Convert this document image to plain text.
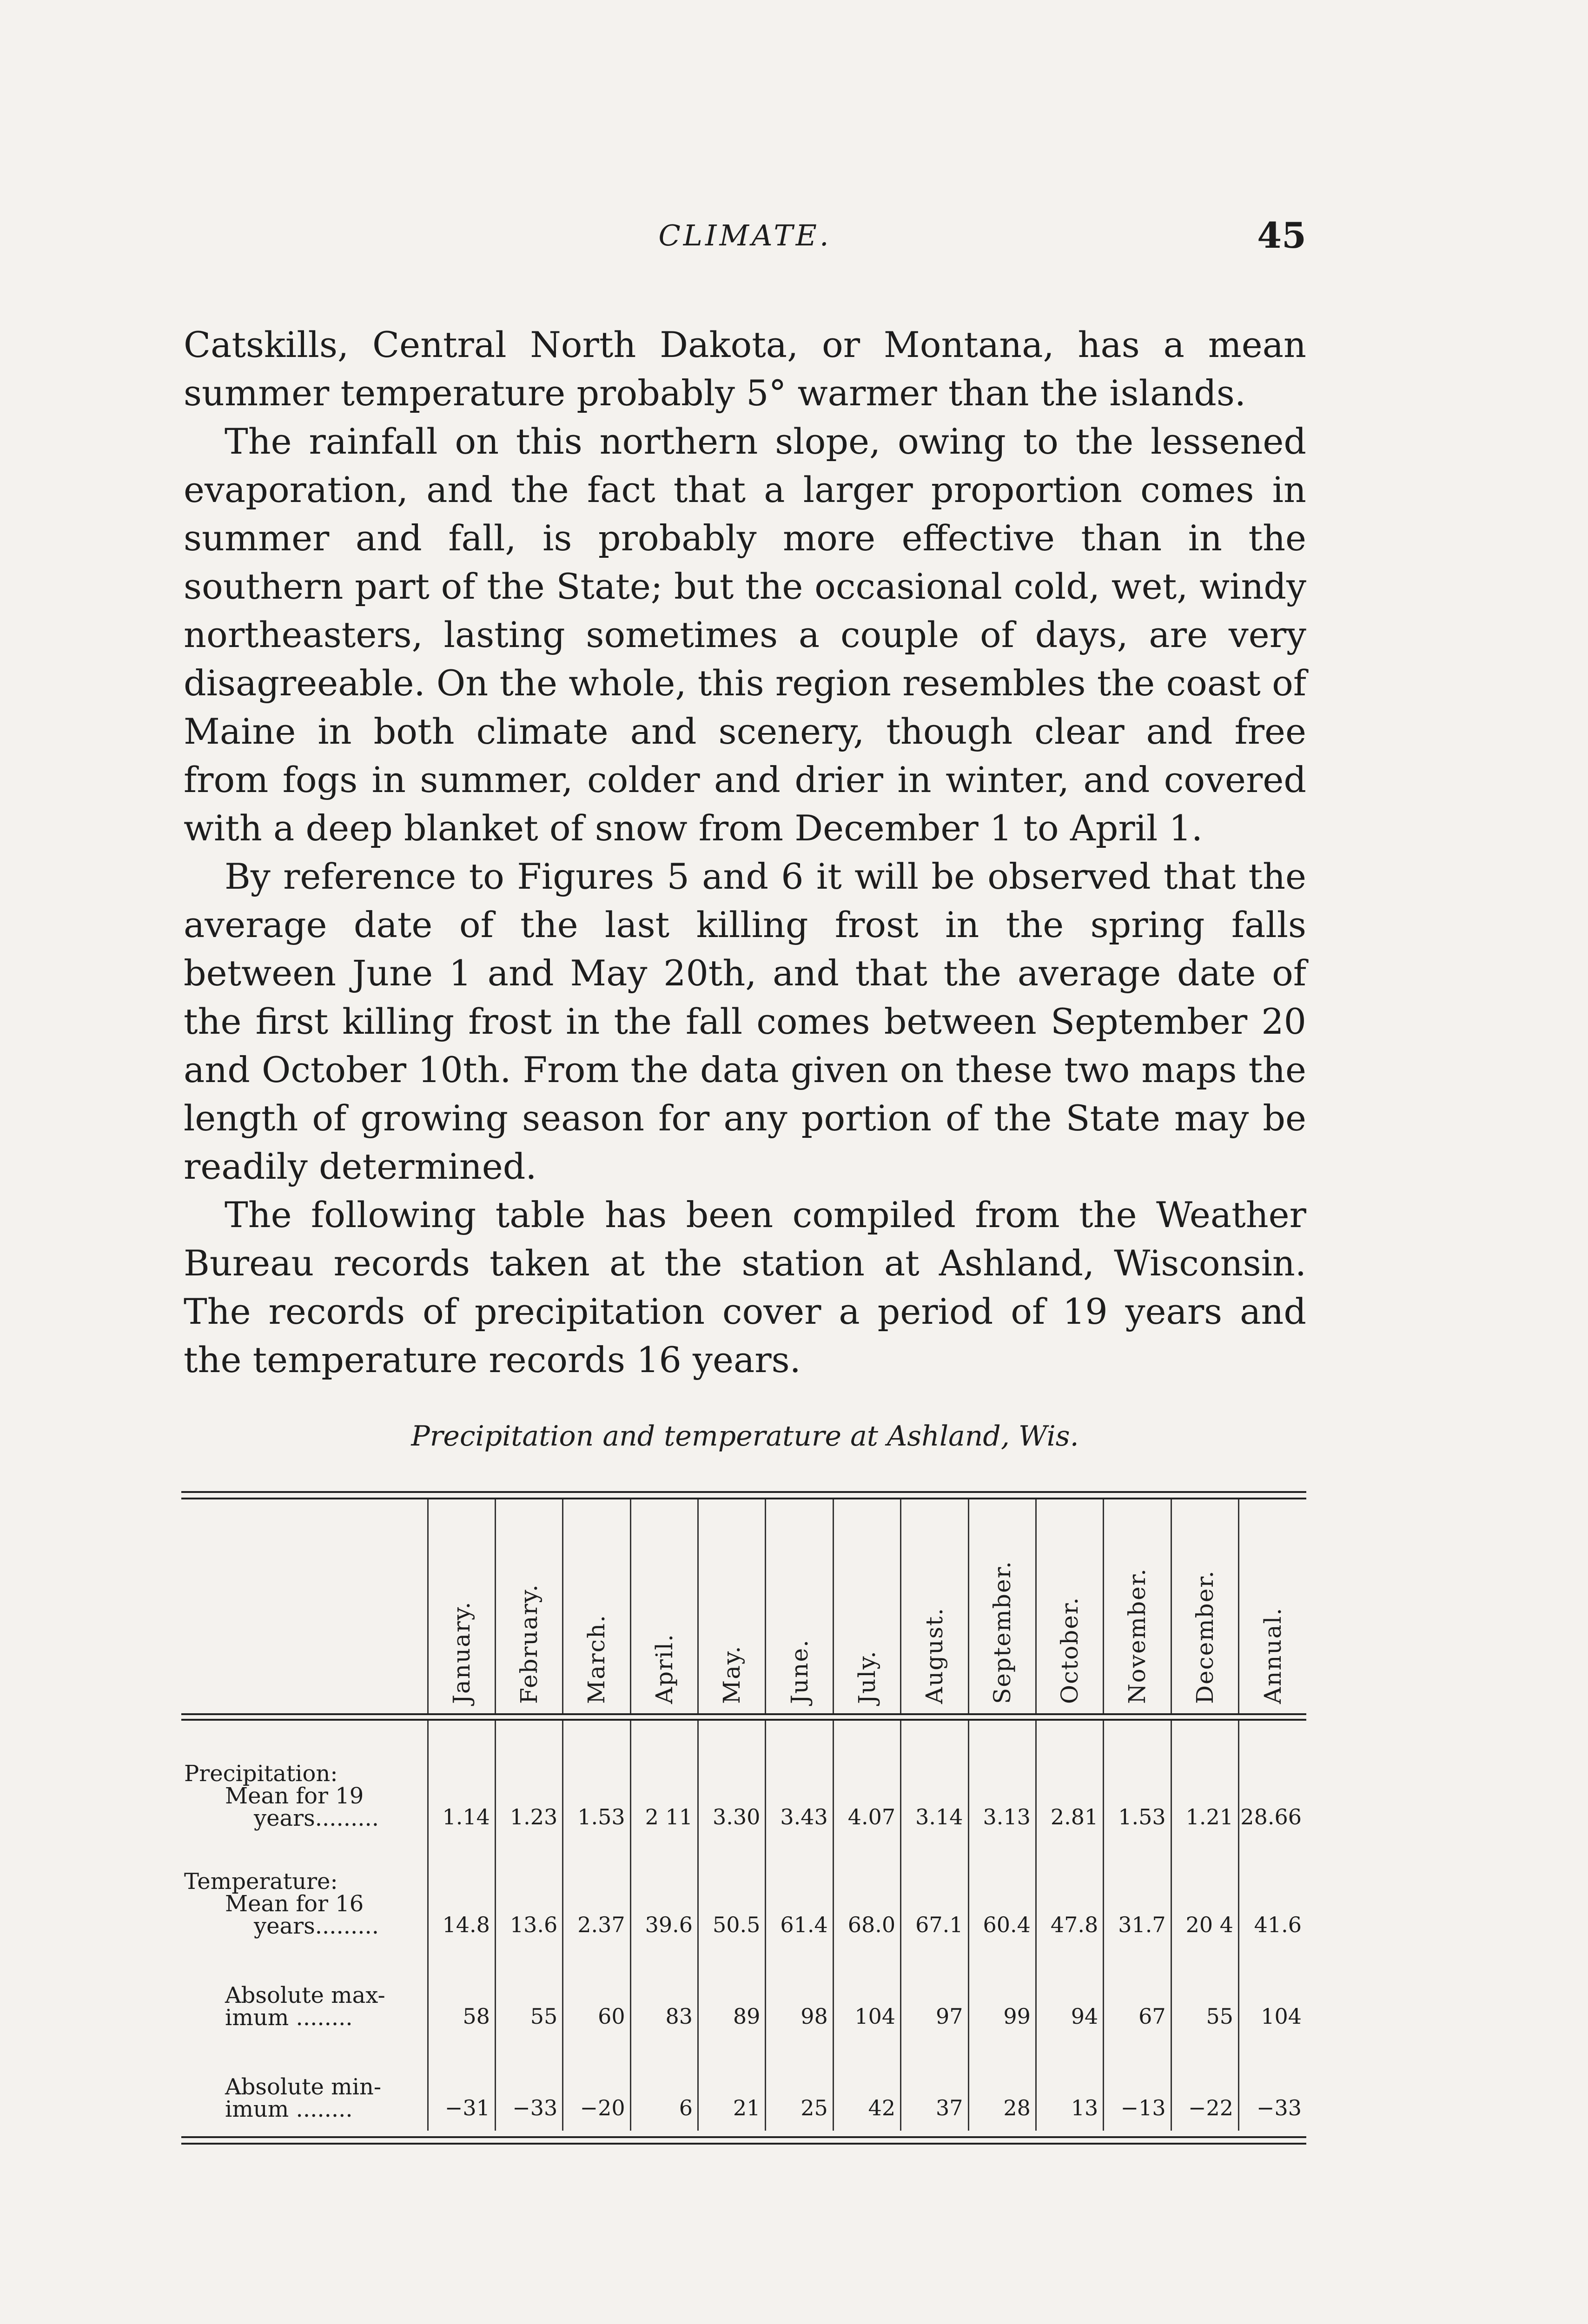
CLIMATE.	45

Catskills, Central North Dakota, or Montana, has a mean summer temperature probably 5° warmer than the islands.

The rainfall on this northern slope, owing to the lessened evaporation, and the fact that a larger proportion comes in summer and fall, is probably more effective than in the southern part of the State; but the occasional cold, wet, windy northeasters, lasting sometimes a couple of days, are very disagreeable. On the whole, this region resembles the coast of Maine in both climate and scenery, though clear and free from fogs in summer, colder and drier in winter, and covered with a deep blanket of snow from December 1 to April 1.

By reference to Figures 5 and 6 it will be observed that the average date of the last killing frost in the spring falls between June 1 and May 20th, and that the average date of the first killing frost in the fall comes between September 20 and October 10th. From the data given on these two maps the length of growing season for any portion of the State may be readily determined.

The following table has been compiled from the Weather Bureau records taken at the station at Ashland, Wisconsin. The records of precipitation cover a period of 19 years and the temperature records 16 years.

Precipitation and temperature at Ashland, Wis.

	January.	February.	March.	April.	May.	June.	July.	August.	September.	October.	November.	December.	Annual.

Precipitation:
Mean for 19
years.........	1.14	1.23	1.53	2 11	3.30	3.43	4.07	3.14	3.13	2.81	1.53	1.21	28.66

Temperature:
Mean for 16
years.........	14.8	13.6	2.37	39.6	50.5	61.4	68.0	67.1	60.4	47.8	31.7	20 4	41.6

Absolute max-
imum ........	58	55	60	83	89	98	104	97	99	94	67	55	104

Absolute min-
imum ........	−31	−33	−20	6	21	25	42	37	28	13	−13	−22	−33
